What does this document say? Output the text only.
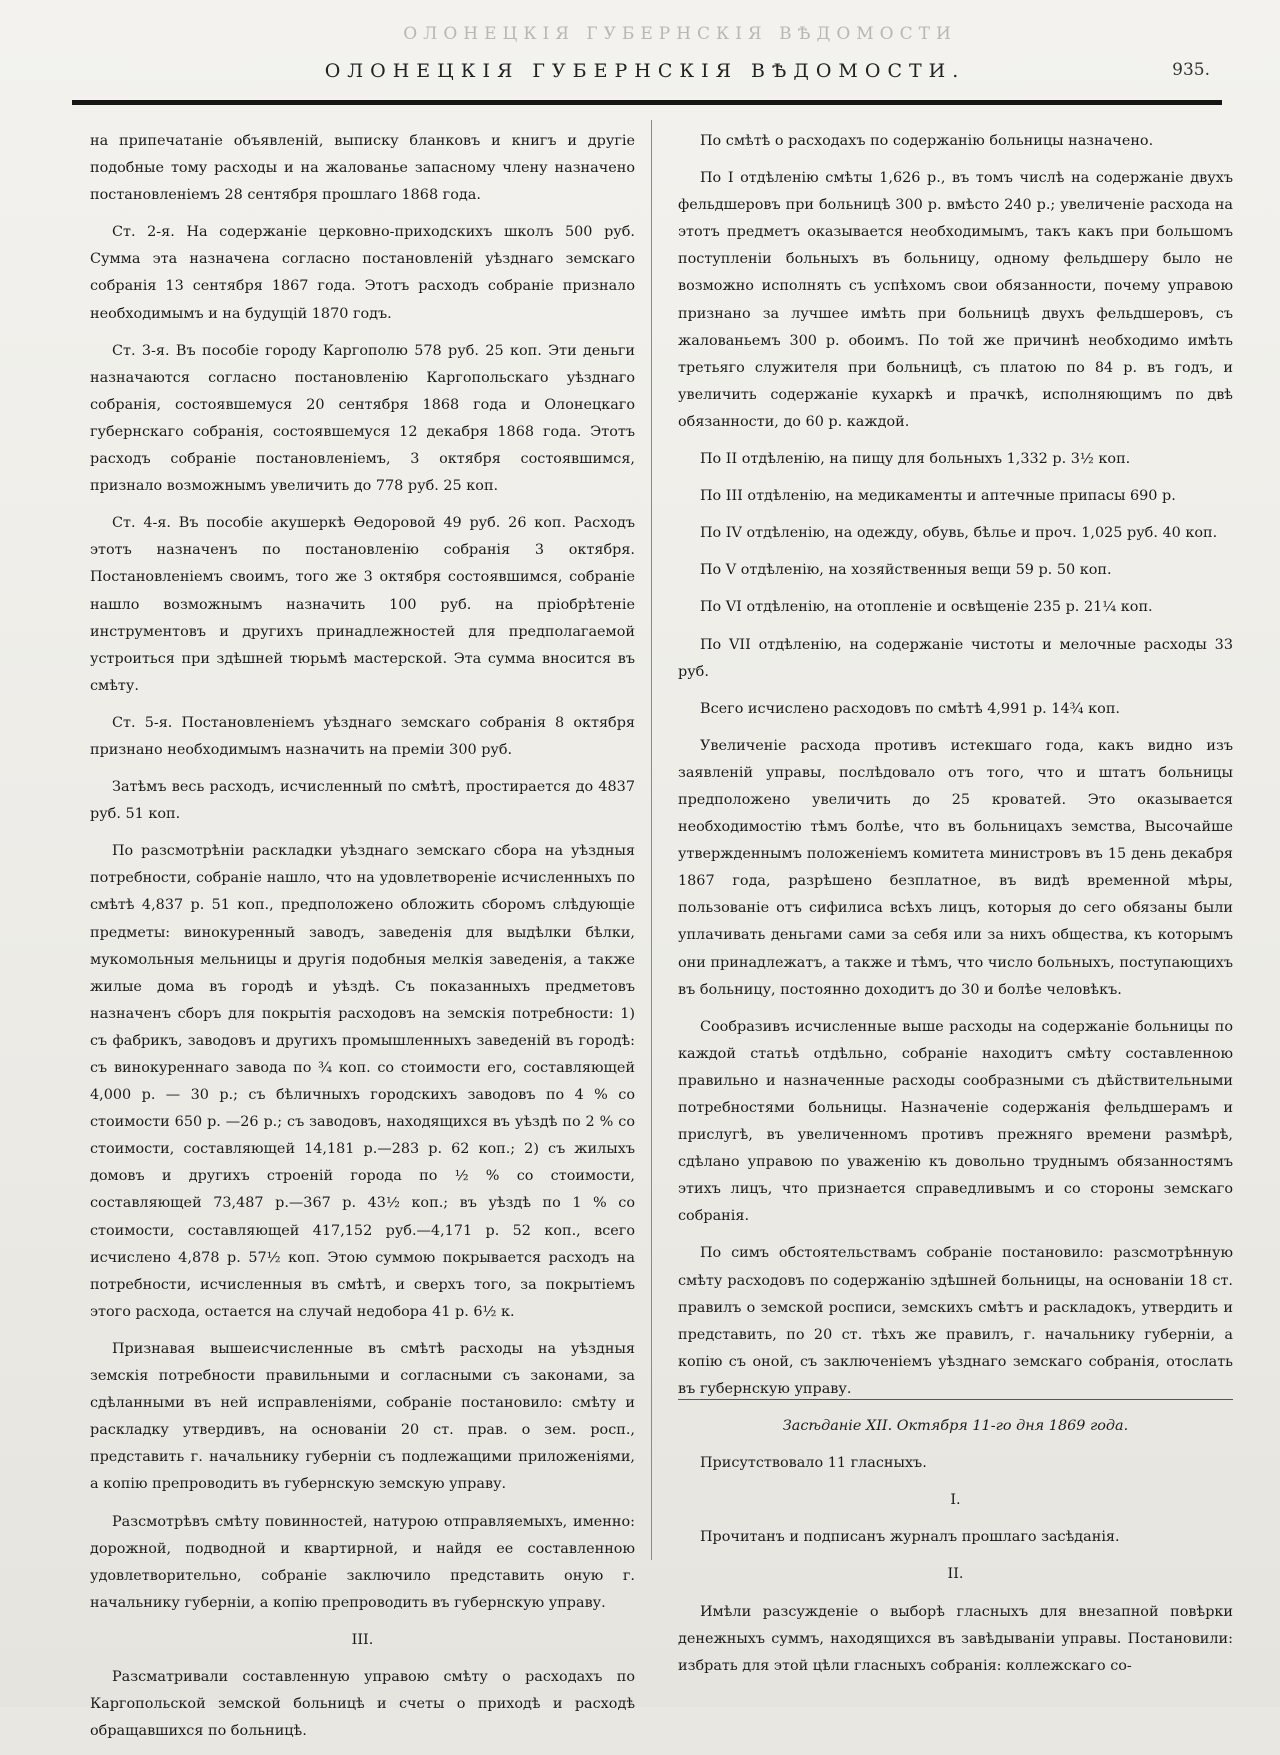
ОЛОНЕЦКІЯ ГУБЕРНСКІЯ ВѢДОМОСТИ
ОЛОНЕЦКІЯ ГУБЕРНСКІЯ ВѢДОМОСТИ.	935.

на припечатаніе объявленій, выписку бланковъ и книгъ и другіе подобные тому расходы и на жалованье запасному члену назначено постановленіемъ 28 сентября прошлаго 1868 года.

Ст. 2-я. На содержаніе церковно-приходскихъ школъ 500 руб. Сумма эта назначена согласно постановленій уѣзднаго земскаго собранія 13 сентября 1867 года. Этотъ расходъ собраніе признало необходимымъ и на будущій 1870 годъ.

Ст. 3-я. Въ пособіе городу Каргополю 578 руб. 25 коп. Эти деньги назначаются согласно постановленію Каргопольскаго уѣзднаго собранія, состоявшемуся 20 сентября 1868 года и Олонецкаго губернскаго собранія, состоявшемуся 12 декабря 1868 года. Этотъ расходъ собраніе постановленіемъ, 3 октября состоявшимся, признало возможнымъ увеличить до 778 руб. 25 коп.

Ст. 4-я. Въ пособіе акушеркѣ Ѳедоровой 49 руб. 26 коп. Расходъ этотъ назначенъ по постановленію собранія 3 октября. Постановленіемъ своимъ, того же 3 октября состоявшимся, собраніе нашло возможнымъ назначить 100 руб. на пріобрѣтеніе инструментовъ и другихъ принадлежностей для предполагаемой устроиться при здѣшней тюрьмѣ мастерской. Эта сумма вносится въ смѣту.

Ст. 5-я. Постановленіемъ уѣзднаго земскаго собранія 8 октября признано необходимымъ назначить на преміи 300 руб.

Затѣмъ весь расходъ, исчисленный по смѣтѣ, простирается до 4837 руб. 51 коп.

По разсмотрѣніи раскладки уѣзднаго земскаго сбора на уѣздныя потребности, собраніе нашло, что на удовлетвореніе исчисленныхъ по смѣтѣ 4,837 р. 51 коп., предположено обложить сборомъ слѣдующіе предметы: винокуренный заводъ, заведенія для выдѣлки бѣлки, мукомольныя мельницы и другія подобныя мелкія заведенія, а также жилые дома въ городѣ и уѣздѣ. Съ показанныхъ предметовъ назначенъ сборъ для покрытія расходовъ на земскія потребности: 1) съ фабрикъ, заводовъ и другихъ промышленныхъ заведеній въ городѣ: съ винокуреннаго завода по ¾ коп. со стоимости его, составляющей 4,000 р. — 30 р.; съ бѣличныхъ городскихъ заводовъ по 4 % со стоимости 650 р. —26 р.; съ заводовъ, находящихся въ уѣздѣ по 2 % со стоимости, составляющей 14,181 р.—283 р. 62 коп.; 2) съ жилыхъ домовъ и другихъ строеній города по ½ % со стоимости, составляющей 73,487 р.—367 р. 43½ коп.; въ уѣздѣ по 1 % со стоимости, составляющей 417,152 руб.—4,171 р. 52 коп., всего исчислено 4,878 р. 57½ коп. Этою суммою покрывается расходъ на потребности, исчисленныя въ смѣтѣ, и сверхъ того, за покрытіемъ этого расхода, остается на случай недобора 41 р. 6½ к.

Признавая вышеисчисленные въ смѣтѣ расходы на уѣздныя земскія потребности правильными и согласными съ законами, за сдѣланными въ ней исправленіями, собраніе постановило: смѣту и раскладку утвердивъ, на основаніи 20 ст. прав. о зем. росп., представить г. начальнику губерніи съ подлежащими приложеніями, а копію препроводить въ губернскую земскую управу.

Разсмотрѣвъ смѣту повинностей, натурою отправляемыхъ, именно: дорожной, подводной и квартирной, и найдя ее составленною удовлетворительно, собраніе заключило представить оную г. начальнику губерніи, а копію препроводить въ губернскую управу.

III.

Разсматривали составленную управою смѣту о расходахъ по Каргопольской земской больницѣ и счеты о приходѣ и расходѣ обращавшихся по больницѣ.

По смѣтѣ о расходахъ по содержанію больницы назначено.

По I отдѣленію смѣты 1,626 р., въ томъ числѣ на содержаніе двухъ фельдшеровъ при больницѣ 300 р. вмѣсто 240 р.; увеличеніе расхода на этотъ предметъ оказывается необходимымъ, такъ какъ при большомъ поступленіи больныхъ въ больницу, одному фельдшеру было не возможно исполнять съ успѣхомъ свои обязанности, почему управою признано за лучшее имѣть при больницѣ двухъ фельдшеровъ, съ жалованьемъ 300 р. обоимъ. По той же причинѣ необходимо имѣть третьяго служителя при больницѣ, съ платою по 84 р. въ годъ, и увеличить содержаніе кухаркѣ и прачкѣ, исполняющимъ по двѣ обязанности, до 60 р. каждой.

По II отдѣленію, на пищу для больныхъ 1,332 р. 3½ коп.

По III отдѣленію, на медикаменты и аптечные припасы 690 р.

По IV отдѣленію, на одежду, обувь, бѣлье и проч. 1,025 руб. 40 коп.

По V отдѣленію, на хозяйственныя вещи 59 р. 50 коп.

По VI отдѣленію, на отопленіе и освѣщеніе 235 р. 21¼ коп.

По VII отдѣленію, на содержаніе чистоты и мелочные расходы 33 руб.

Всего исчислено расходовъ по смѣтѣ 4,991 р. 14¾ коп.

Увеличеніе расхода противъ истекшаго года, какъ видно изъ заявленій управы, послѣдовало отъ того, что и штатъ больницы предположено увеличить до 25 кроватей. Это оказывается необходимостію тѣмъ болѣе, что въ больницахъ земства, Высочайше утвержденнымъ положеніемъ комитета министровъ въ 15 день декабря 1867 года, разрѣшено безплатное, въ видѣ временной мѣры, пользованіе отъ сифилиса всѣхъ лицъ, которыя до сего обязаны были уплачивать деньгами сами за себя или за нихъ общества, къ которымъ они принадлежатъ, а также и тѣмъ, что число больныхъ, поступающихъ въ больницу, постоянно доходитъ до 30 и болѣе человѣкъ.

Сообразивъ исчисленные выше расходы на содержаніе больницы по каждой статьѣ отдѣльно, собраніе находитъ смѣту составленною правильно и назначенные расходы сообразными съ дѣйствительными потребностями больницы. Назначеніе содержанія фельдшерамъ и прислугѣ, въ увеличенномъ противъ прежняго времени размѣрѣ, сдѣлано управою по уваженію къ довольно труднымъ обязанностямъ этихъ лицъ, что признается справедливымъ и со стороны земскаго собранія.

По симъ обстоятельствамъ собраніе постановило: разсмотрѣнную смѣту расходовъ по содержанію здѣшней больницы, на основаніи 18 ст. правилъ о земской росписи, земскихъ смѣтъ и раскладокъ, утвердить и представить, по 20 ст. тѣхъ же правилъ, г. начальнику губерніи, а копію съ оной, съ заключеніемъ уѣзднаго земскаго собранія, отослать въ губернскую управу.

Засѣданіе XII. Октября 11-го дня 1869 года.

Присутствовало 11 гласныхъ.

I.

Прочитанъ и подписанъ журналъ прошлаго засѣданія.

II.

Имѣли разсужденіе о выборѣ гласныхъ для внезапной повѣрки денежныхъ суммъ, находящихся въ завѣдываніи управы. Постановили: избрать для этой цѣли гласныхъ собранія: коллежскаго со-
